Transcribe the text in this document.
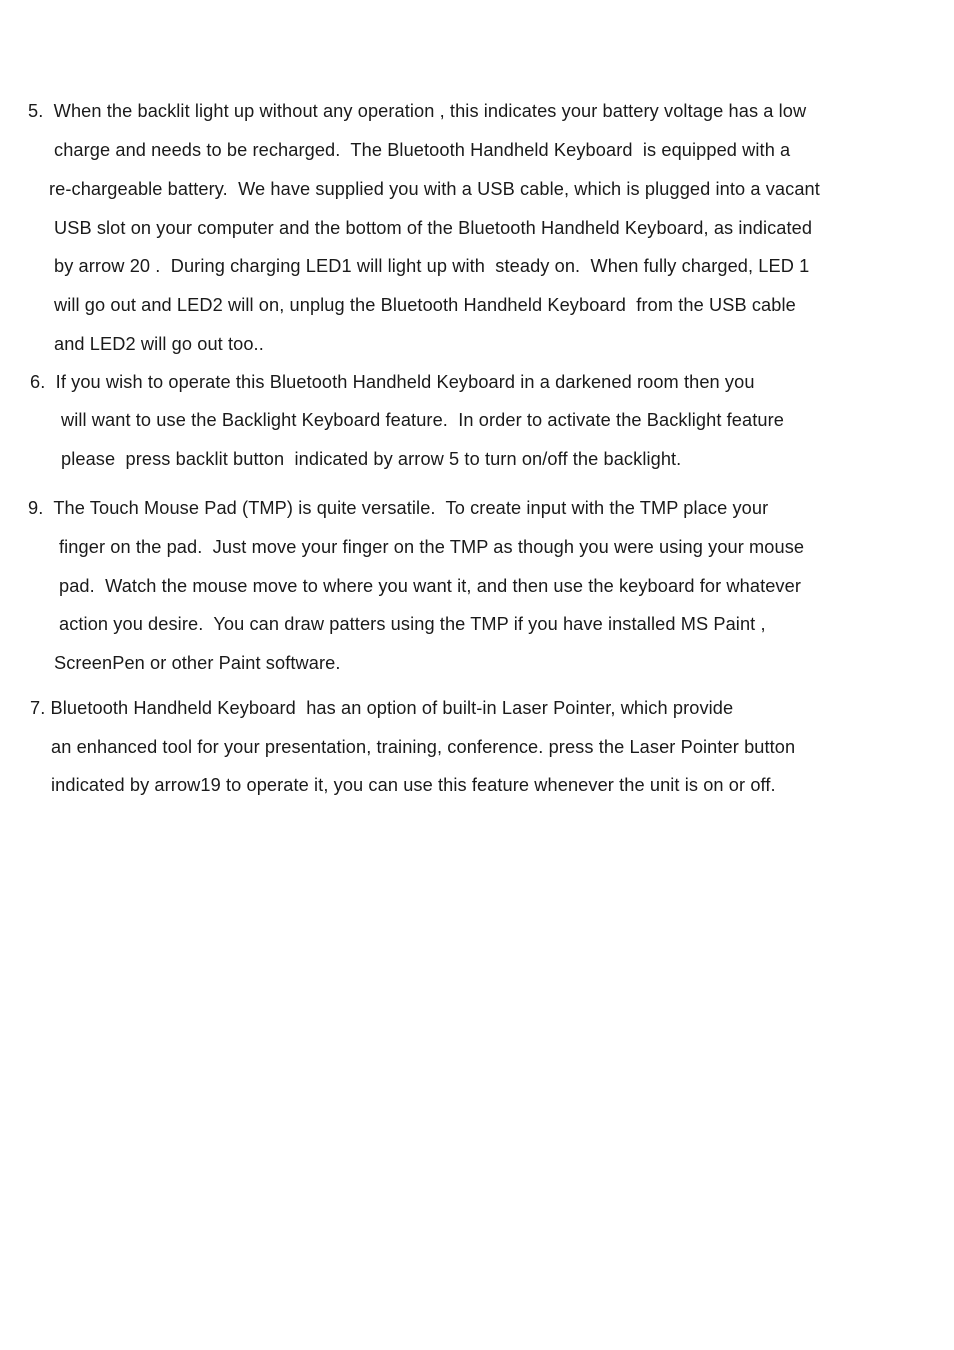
5.  When the backlit light up without any operation , this indicates your battery voltage has a low
charge and needs to be recharged.  The Bluetooth Handheld Keyboard  is equipped with a
re-chargeable battery.  We have supplied you with a USB cable, which is plugged into a vacant
USB slot on your computer and the bottom of the Bluetooth Handheld Keyboard, as indicated
by arrow 20 .  During charging LED1 will light up with  steady on.  When fully charged, LED 1
will go out and LED2 will on, unplug the Bluetooth Handheld Keyboard  from the USB cable
and LED2 will go out too..
6.  If you wish to operate this Bluetooth Handheld Keyboard in a darkened room then you
will want to use the Backlight Keyboard feature.  In order to activate the Backlight feature
please  press backlit button  indicated by arrow 5 to turn on/off the backlight.
9.  The Touch Mouse Pad (TMP) is quite versatile.  To create input with the TMP place your
finger on the pad.  Just move your finger on the TMP as though you were using your mouse
pad.  Watch the mouse move to where you want it, and then use the keyboard for whatever
action you desire.  You can draw patters using the TMP if you have installed MS Paint ,
ScreenPen or other Paint software.
7. Bluetooth Handheld Keyboard  has an option of built-in Laser Pointer, which provide
an enhanced tool for your presentation, training, conference. press the Laser Pointer button
indicated by arrow19 to operate it, you can use this feature whenever the unit is on or off.
